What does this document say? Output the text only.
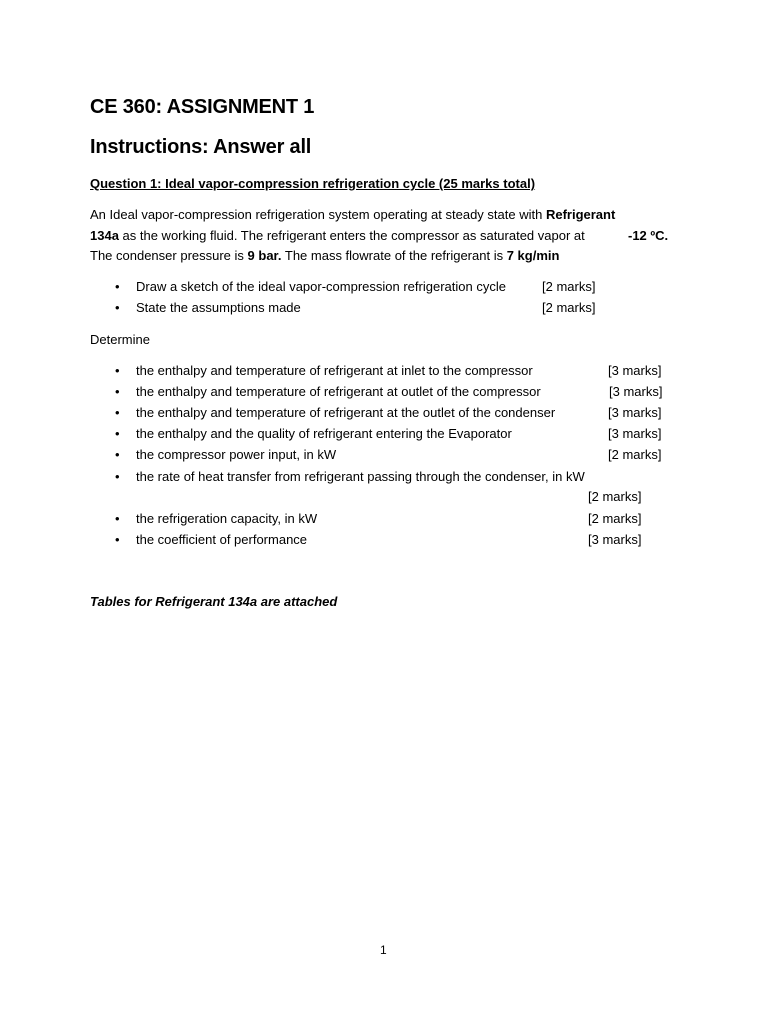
CE 360: ASSIGNMENT 1
Instructions: Answer all
Question 1: Ideal vapor-compression refrigeration cycle (25 marks total)
An Ideal vapor-compression refrigeration system operating at steady state with Refrigerant
134a as the working fluid. The refrigerant enters the compressor as saturated vapor at	-12 ºC.
The condenser pressure is 9 bar. The mass flowrate of the refrigerant is 7 kg/min
• Draw a sketch of the ideal vapor-compression refrigeration cycle	[2 marks]
• State the assumptions made	[2 marks]
Determine
• the enthalpy and temperature of refrigerant at inlet to the compressor	[3 marks]
• the enthalpy and temperature of refrigerant at outlet of the compressor	[3 marks]
• the enthalpy and temperature of refrigerant at the outlet of the condenser	[3 marks]
• the enthalpy and the quality of refrigerant entering the Evaporator	[3 marks]
• the compressor power input, in kW	[2 marks]
• the rate of heat transfer from refrigerant passing through the condenser, in kW
[2 marks]
• the refrigeration capacity, in kW	[2 marks]
• the coefficient of performance	[3 marks]
Tables for Refrigerant 134a are attached
1
